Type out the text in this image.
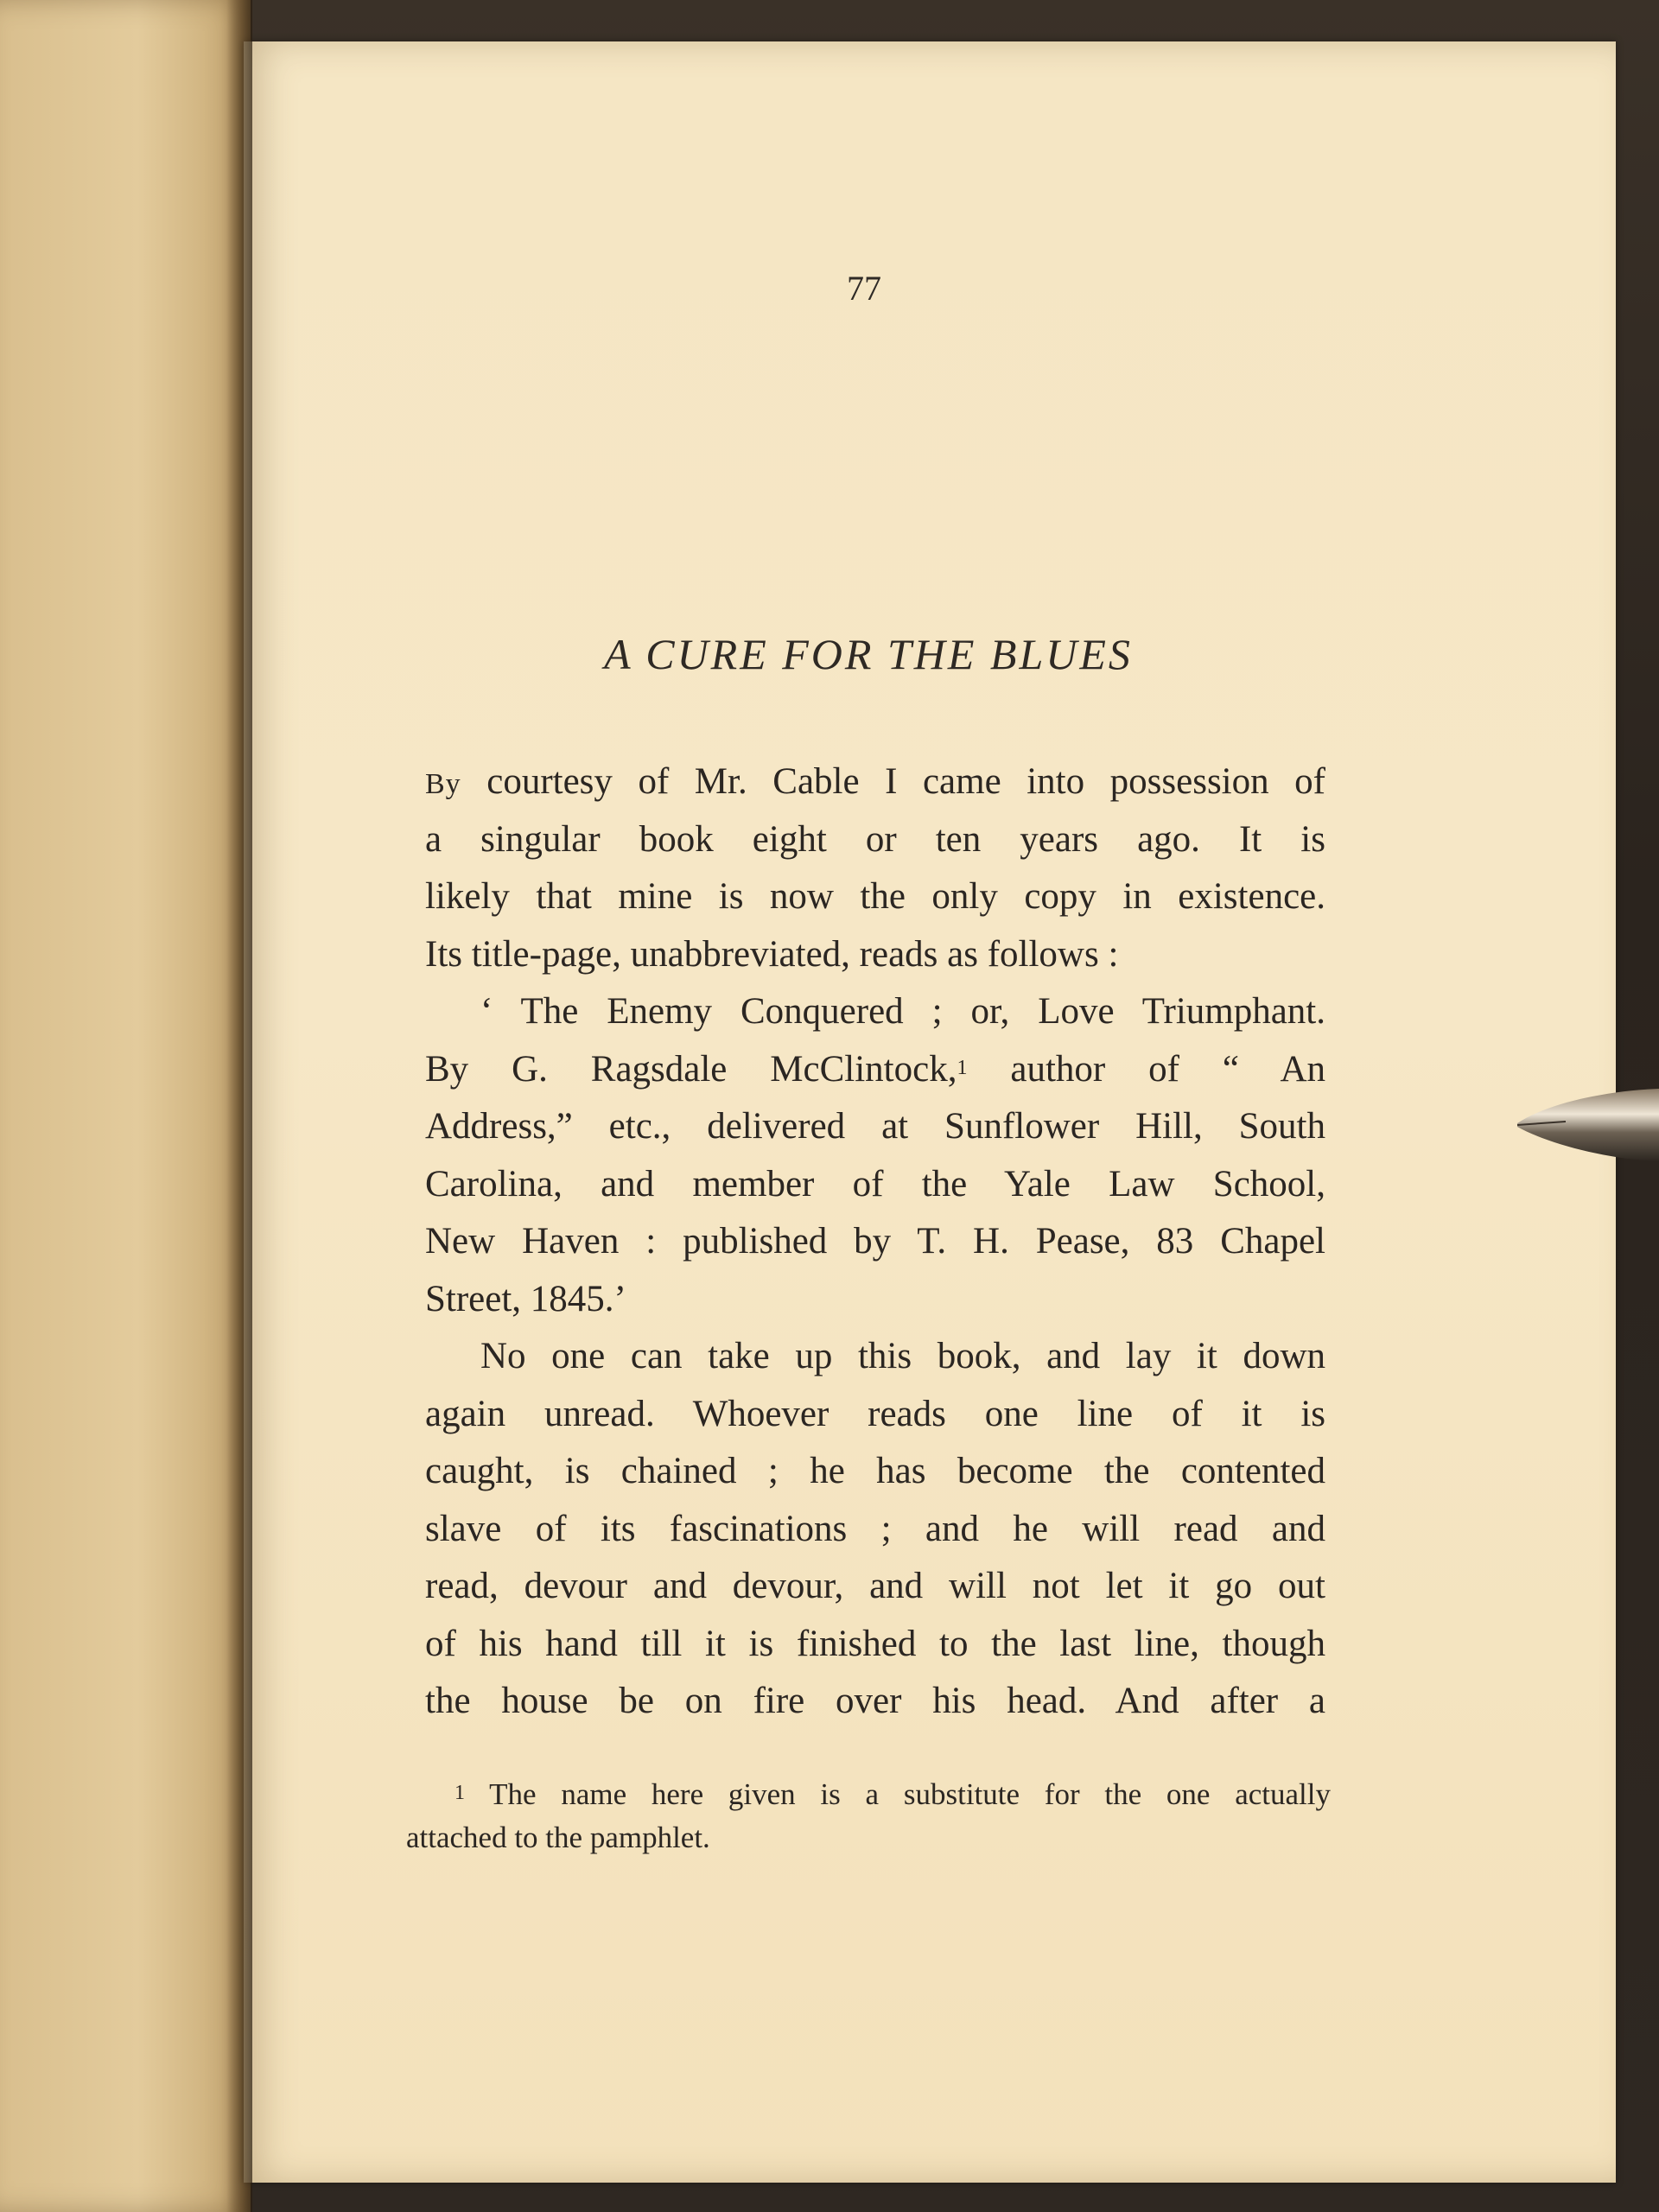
77
A CURE FOR THE BLUES
By courtesy of Mr. Cable I came into possession of
a singular book eight or ten years ago. It is
likely that mine is now the only copy in existence.
Its title-page, unabbreviated, reads as follows :
‘ The Enemy Conquered ; or, Love Triumphant.
By G. Ragsdale McClintock,$^1$ author of “ An
Address,” etc., delivered at Sunflower Hill, South
Carolina, and member of the Yale Law School,
New Haven : published by T. H. Pease, 83 Chapel
Street, 1845.’
No one can take up this book, and lay it down
again unread. Whoever reads one line of it is
caught, is chained ; he has become the contented
slave of its fascinations ; and he will read and
read, devour and devour, and will not let it go out
of his hand till it is finished to the last line, though
the house be on fire over his head. And after a
$^1$ The name here given is a substitute for the one actually
attached to the pamphlet.
